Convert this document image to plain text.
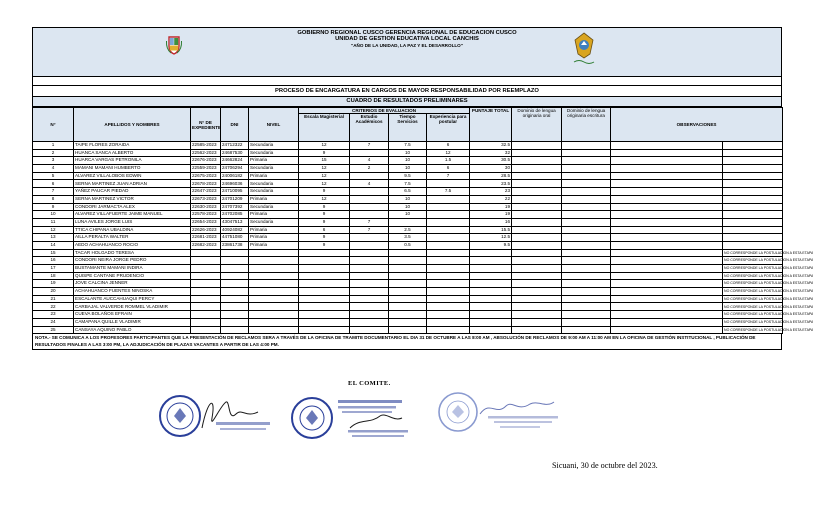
GOBIERNO REGIONAL CUSCO GERENCIA REGIONAL DE EDUCACION CUSCO
UNIDAD DE GESTION EDUCATIVA LOCAL CANCHIS
"AÑO DE LA UNIDAD, LA PAZ Y EL DESARROLLO"
PROCESO DE ENCARGATURA EN CARGOS DE MAYOR RESPONSABILIDAD POR REEMPLAZO
CUADRO DE RESULTADOS PRELIMINARES
N°	APELLIDOS Y NOMBRES	N° DE EXPEDIENTE	DNI	NIVEL	CRITERIOS DE EVALUACION				PUNTAJE TOTAL	Dominio de lengua originaria oral	Dominio de lengua originaria escritura	OBSERVACIONES	
					Escala Magisterial	Estudio Académicos	Tiempo Servicios	Experiencia para postular					

1	TAIPE FLORES ZORAIDA	22585-2023	24712322	Secundaria	12	7	7.5	6	32.5				
2	HUANCA SANCA ALBERTO	22562-2023	24687530	Secundaria	9		10	12	32				
3	HUARCA VARGAS PETRONILA	22676-2023	24662824	Primaria	15	4	10	1.5	30.5				
4	MAMANI MAMANI HUMBERTO	22559-2023	24706294	Secundaria	12	2	10	6	30				
5	ALVAREZ VILLALOBOS EDWIN	22675-2023	24006182	Primaria	12		9.5	7	28.5				
6	SERNA MARTINEZ JUAN ADRIAN	22678-2023	24696036	Secundaria	12	4	7.5		23.5				
7	YAÑEZ PAUCAR PIEDAD	22647-2023	24710095	Secundaria	9		6.5	7.5	23				
8	SERNA MARTINEZ VICTOR	22673-2023	24701209	Primaria	12		10		22				
9	CONDORI JARMACTA ALEX	22630-2023	24707392	Secundaria	9		10		19				
10	ALVAREZ VILLAFUERTE JAIME MANUEL	22578-2023	24702085	Primaria	9		10		19				
11	LUNA AVILES JORGE LUIS	22654-2023	43047513	Secundaria	9	7			16				
12	TTICA CHIPANA UBALDINA	22626-2023	40924082	Primaria	6	7	2.5		15.5				
13	AILLA PERALTA WALTER	22681-2023	44751080	Primaria	9		3.5		12.5				
14	AEDO ACHAHUANCO ROCIO	22682-2023	23861738	Primaria	9		0.5		9.5				
15	TACAR HOLGADO TERESA												NO CORRESPONDE LA POSTULACION A ESTA ETAPA
16	CONDORI NEIRA JORGE PEDRO												NO CORRESPONDE LA POSTULACION A ESTA ETAPA
17	BUSTAMANTE MAMANI INDIRA												NO CORRESPONDE LA POSTULACION A ESTA ETAPA
18	QUISPE CANTANE PRUDENCIO												NO CORRESPONDE LA POSTULACION A ESTA ETAPA
19	JOVE CALCINA JENNER												NO CORRESPONDE LA POSTULACION A ESTA ETAPA
20	ACHAHUANCO FUENTES NINOSKA												NO CORRESPONDE LA POSTULACION A ESTA ETAPA
21	ESCALANTE AUCCAHUAQUI PERCY												NO CORRESPONDE LA POSTULACION A ESTA ETAPA
22	CARBAJAL VALVERDE ROMMEL VLADIMIR												NO CORRESPONDE LA POSTULACION A ESTA ETAPA
23	CUEVA BOLAÑOS EFRAIN												NO CORRESPONDE LA POSTULACION A ESTA ETAPA
24	CAMAPANA QUILLE VLADIMIR												NO CORRESPONDE LA POSTULACION A ESTA ETAPA
25	CANSAYA AQUINO PABLO												NO CORRESPONDE LA POSTULACION A ESTA ETAPA
NOTA.- SE COMUNICA A LOS PROFESORES PARTICIPANTES QUE LA PRESENTACIÓN DE RECLAMOS SERA A TRAVÉS DE LA OFICINA DE TRAMITE DOCUMENTARIO EL DIA 31 DE OCTUBRE A LAS 8:00 AM , ABSOLUCIÓN DE RECLAMOS DE 9:00 AM A 11:00 AM EN LA OFICINA DE GESTIÓN INSTITUCIONAL , PUBLICACIÓN DE RESULTADOS FINALES A LAS 3:00 PM, LA ADJUDICACIÓN DE PLAZAS VACANTES A PARTIR DE LAS 4:00 PM.
EL COMITE.
Sicuani, 30 de octubre del 2023.
